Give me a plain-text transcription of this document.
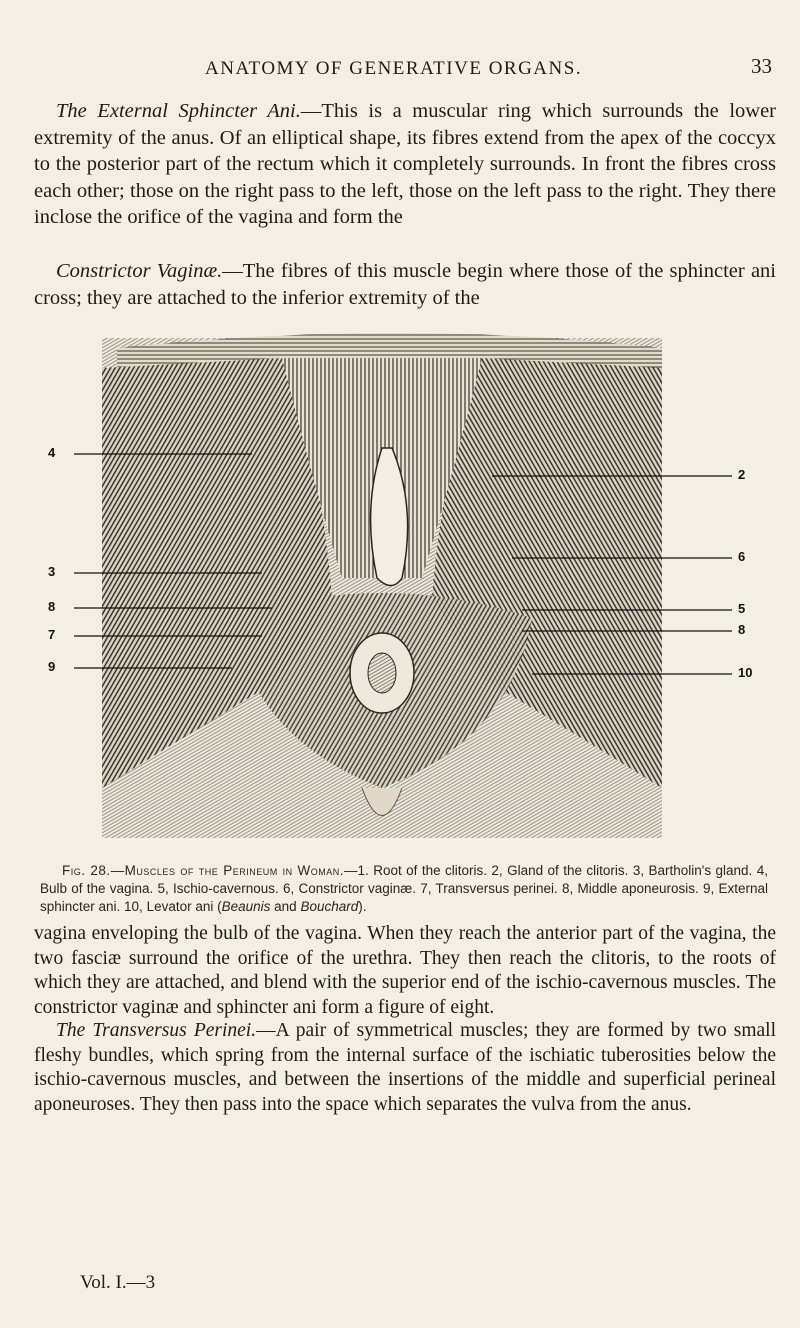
ANATOMY OF GENERATIVE ORGANS.	33

The External Sphincter Ani.—This is a muscular ring which surrounds the lower extremity of the anus. Of an elliptical shape, its fibres extend from the apex of the coccyx to the posterior part of the rectum which it completely surrounds. In front the fibres cross each other; those on the right pass to the left, those on the left pass to the right. They there inclose the orifice of the vagina and form the

Constrictor Vaginæ.—The fibres of this muscle begin where those of the sphincter ani cross; they are attached to the inferior extremity of the

4
3
8
7
9
2
6
5
8
10

Fig. 28.—Muscles of the Perineum in Woman.—1. Root of the clitoris. 2, Gland of the clitoris. 3, Bartholin's gland. 4, Bulb of the vagina. 5, Ischio-cavernous. 6, Constrictor vaginæ. 7, Transversus perinei. 8, Middle aponeurosis. 9, External sphincter ani. 10, Levator ani (Beaunis and Bouchard).

vagina enveloping the bulb of the vagina. When they reach the anterior part of the vagina, the two fasciæ surround the orifice of the urethra. They then reach the clitoris, to the roots of which they are attached, and blend with the superior end of the ischio-cavernous muscles. The constrictor vaginæ and sphincter ani form a figure of eight.

The Transversus Perinei.—A pair of symmetrical muscles; they are formed by two small fleshy bundles, which spring from the internal surface of the ischiatic tuberosities below the ischio-cavernous muscles, and between the insertions of the middle and superficial perineal aponeuroses. They then pass into the space which separates the vulva from the anus.

Vol. I.—3
